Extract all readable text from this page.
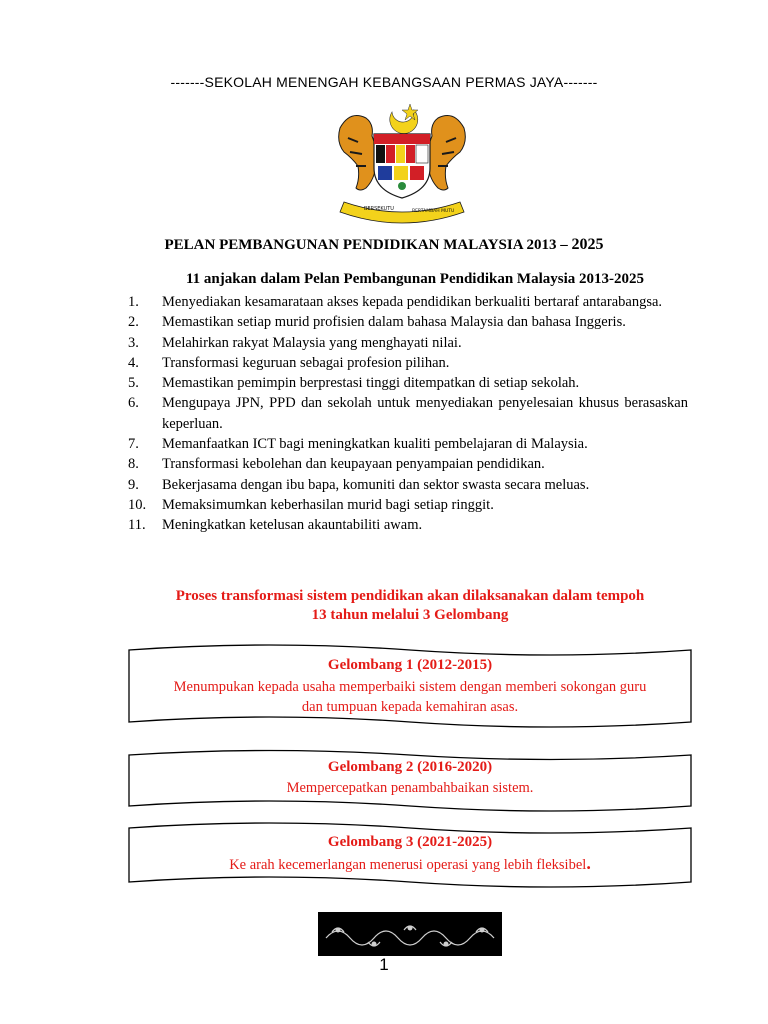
-------SEKOLAH MENENGAH KEBANGSAAN PERMAS JAYA-------
BERSEKUTU	BERTAMBAH MUTU
PELAN PEMBANGUNAN PENDIDIKAN MALAYSIA 2013 – 2025
11 anjakan dalam Pelan Pembangunan Pendidikan Malaysia 2013-2025
1. Menyediakan kesamarataan akses kepada pendidikan berkualiti bertaraf antarabangsa.
2. Memastikan setiap murid profisien dalam bahasa Malaysia dan bahasa Inggeris.
3. Melahirkan rakyat Malaysia yang menghayati nilai.
4. Transformasi keguruan sebagai profesion pilihan.
5. Memastikan pemimpin berprestasi tinggi ditempatkan di setiap sekolah.
6. Mengupaya JPN, PPD dan sekolah untuk menyediakan penyelesaian khusus berasaskan keperluan.
7. Memanfaatkan ICT bagi meningkatkan kualiti pembelajaran di Malaysia.
8. Transformasi kebolehan dan keupayaan penyampaian pendidikan.
9. Bekerjasama dengan ibu bapa, komuniti dan sektor swasta secara meluas.
10. Memaksimumkan keberhasilan murid bagi setiap ringgit.
11. Meningkatkan ketelusan akauntabiliti awam.
Proses transformasi sistem pendidikan akan dilaksanakan dalam tempoh
13 tahun melalui 3 Gelombang
Gelombang 1 (2012-2015)
Menumpukan kepada usaha memperbaiki sistem dengan memberi sokongan guru
dan tumpuan kepada kemahiran asas.
Gelombang 2 (2016-2020)
Mempercepatkan penambahbaikan sistem.
Gelombang 3 (2021-2025)
Ke arah kecemerlangan menerusi operasi yang lebih fleksibel.
1
